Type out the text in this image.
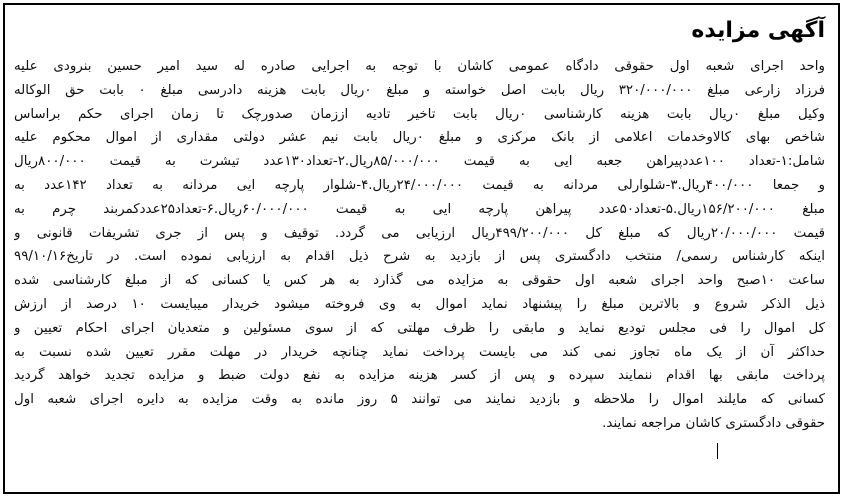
آگهی مزایده
واحد اجرای شعبه اول حقوقی دادگاه عمومی کاشان با توجه به اجرایی صادره له سید امیر حسین بنرودی علیه
فرزاد زارعی مبلغ ۳۲۰/۰۰۰/۰۰۰ ریال بابت اصل خواسته و مبلغ ۰ریال بابت هزینه دادرسی مبلغ ۰ بابت حق الوکاله
وکیل مبلغ ۰ریال بابت هزینه کارشناسی ۰ریال بابت تاخیر تادیه اززمان صدورچک تا زمان اجرای حکم براساس
شاخص بهای کالاوخدمات اعلامی از بانک مرکزی و مبلغ ۰ریال بابت نیم عشر دولتی مقداری از اموال محکوم علیه
شامل:۱-تعداد ۱۰۰عددپیراهن جعبه ایی به قیمت ۸۵/۰۰۰/۰۰۰ریال.۲-تعداد۱۳۰عدد تیشرت به قیمت ۸۰۰/۰۰۰ریال
و جمعا ۴۰۰/۰۰۰ریال.۳-شلوارلی مردانه به قیمت ۲۴/۰۰۰/۰۰۰ریال.۴-شلوار پارچه ایی مردانه به تعداد ۱۴۲عدد به
مبلغ ۱۵۶/۲۰۰/۰۰۰ریال.۵-تعداد۵۰عدد پیراهن پارچه ایی به قیمت ۶۰/۰۰۰/۰۰۰ریال.۶-تعداد۲۵عددکمربند چرم به
قیمت ۲۰/۰۰۰/۰۰۰ریال که مبلغ کل ۴۹۹/۲۰۰/۰۰۰ریال ارزیابی می گردد. توقیف و پس از جری تشریفات قانونی و
اینکه کارشناس رسمی/ منتخب دادگستری پس از بازدید به شرح ذیل اقدام به ارزیابی نموده است. در تاریخ۹۹/۱۰/۱۶
ساعت ۱۰صبح واحد اجرای شعبه اول حقوقی به مزایده می گذارد به هر کس یا کسانی که از مبلغ کارشناسی شده
ذیل الذکر شروع و بالاترین مبلغ را پیشنهاد نماید اموال به وی فروخته میشود خریدار میبایست ۱۰ درصد از ارزش
کل اموال را فی مجلس تودیع نماید و مابقی را ظرف مهلتی که از سوی مسئولین و متعدیان اجرای احکام تعیین و
حداکثر آن از یک ماه تجاوز نمی کند می بایست پرداخت نماید چنانچه خریدار در مهلت مقرر تعیین شده نسبت به
پرداخت مابقی بها اقدام ننمایند سپرده و پس از کسر هزینه مزایده به نفع دولت ضبط و مزایده تجدید خواهد گردید
کسانی که مایلند اموال را ملاحظه و بازدید نمایند می توانند ۵ روز مانده به وقت مزایده به دایره اجرای شعبه اول
حقوقی دادگستری کاشان مراجعه نمایند.
